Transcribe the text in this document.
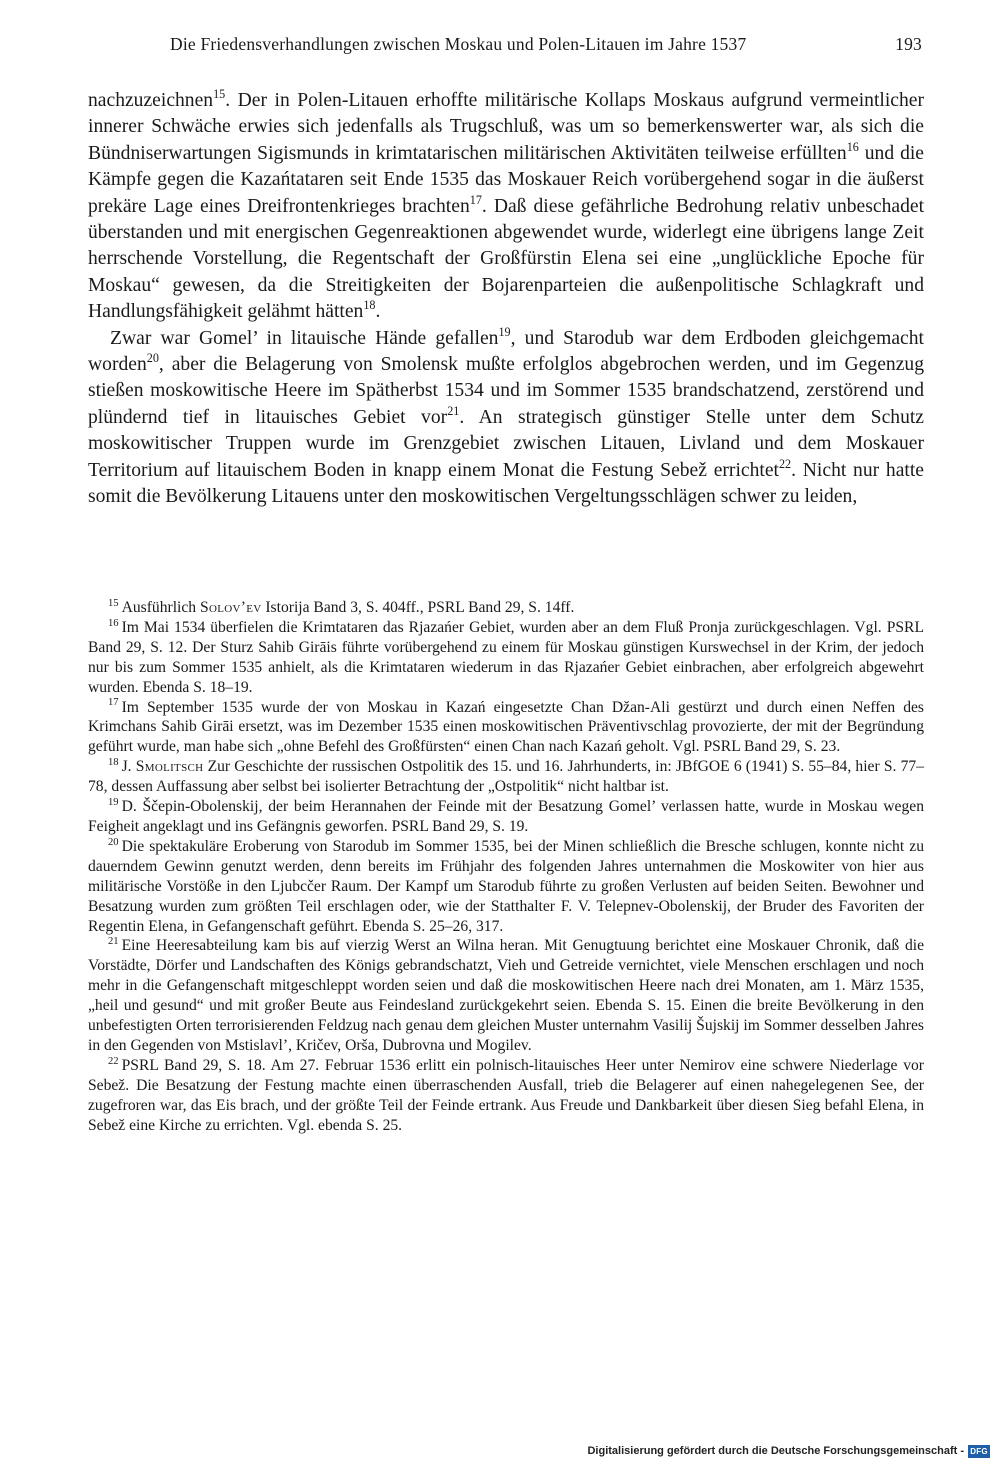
Die Friedensverhandlungen zwischen Moskau und Polen-Litauen im Jahre 1537	193

nachzuzeichnen$^{15}$. Der in Polen-Litauen erhoffte militärische Kollaps Moskaus aufgrund vermeintlicher innerer Schwäche erwies sich jedenfalls als Trugschluß, was um so bemerkenswerter war, als sich die Bündniserwartungen Sigismunds in krimtatarischen militärischen Aktivitäten teilweise erfüllten$^{16}$ und die Kämpfe gegen die Kazańtataren seit Ende 1535 das Moskauer Reich vorübergehend sogar in die äußerst prekäre Lage eines Dreifrontenkrieges brachten$^{17}$. Daß diese gefährliche Bedrohung relativ unbeschadet überstanden und mit energischen Gegenreaktionen abgewendet wurde, widerlegt eine übrigens lange Zeit herrschende Vorstellung, die Regentschaft der Großfürstin Elena sei eine „unglückliche Epoche für Moskau“ gewesen, da die Streitigkeiten der Bojarenparteien die außenpolitische Schlagkraft und Handlungsfähigkeit gelähmt hätten$^{18}$.

Zwar war Gomel’ in litauische Hände gefallen$^{19}$, und Starodub war dem Erdboden gleichgemacht worden$^{20}$, aber die Belagerung von Smolensk mußte erfolglos abgebrochen werden, und im Gegenzug stießen moskowitische Heere im Spätherbst 1534 und im Sommer 1535 brandschatzend, zerstörend und plündernd tief in litauisches Gebiet vor$^{21}$. An strategisch günstiger Stelle unter dem Schutz moskowitischer Truppen wurde im Grenzgebiet zwischen Litauen, Livland und dem Moskauer Territorium auf litauischem Boden in knapp einem Monat die Festung Sebež errichtet$^{22}$. Nicht nur hatte somit die Bevölkerung Litauens unter den moskowitischen Vergeltungsschlägen schwer zu leiden,

$^{15}$ Ausführlich Solov’ev Istorija Band 3, S. 404ff., PSRL Band 29, S. 14ff.

$^{16}$ Im Mai 1534 überfielen die Krimtataren das Rjazańer Gebiet, wurden aber an dem Fluß Pronja zurückgeschlagen. Vgl. PSRL Band 29, S. 12. Der Sturz Sahib Girāis führte vorübergehend zu einem für Moskau günstigen Kurswechsel in der Krim, der jedoch nur bis zum Sommer 1535 anhielt, als die Krimtataren wiederum in das Rjazańer Gebiet einbrachen, aber erfolgreich abgewehrt wurden. Ebenda S. 18–19.

$^{17}$ Im September 1535 wurde der von Moskau in Kazań eingesetzte Chan Džan-Ali gestürzt und durch einen Neffen des Krimchans Sahib Girāi ersetzt, was im Dezember 1535 einen moskowitischen Präventivschlag provozierte, der mit der Begründung geführt wurde, man habe sich „ohne Befehl des Großfürsten“ einen Chan nach Kazań geholt. Vgl. PSRL Band 29, S. 23.

$^{18}$ J. Smolitsch Zur Geschichte der russischen Ostpolitik des 15. und 16. Jahrhunderts, in: JBfGOE 6 (1941) S. 55–84, hier S. 77–78, dessen Auffassung aber selbst bei isolierter Betrachtung der „Ostpolitik“ nicht haltbar ist.

$^{19}$ D. Ščepin-Obolenskij, der beim Herannahen der Feinde mit der Besatzung Gomel’ verlassen hatte, wurde in Moskau wegen Feigheit angeklagt und ins Gefängnis geworfen. PSRL Band 29, S. 19.

$^{20}$ Die spektakuläre Eroberung von Starodub im Sommer 1535, bei der Minen schließlich die Bresche schlugen, konnte nicht zu dauerndem Gewinn genutzt werden, denn bereits im Frühjahr des folgenden Jahres unternahmen die Moskowiter von hier aus militärische Vorstöße in den Ljubcčer Raum. Der Kampf um Starodub führte zu großen Verlusten auf beiden Seiten. Bewohner und Besatzung wurden zum größten Teil erschlagen oder, wie der Statthalter F. V. Telepnev-Obolenskij, der Bruder des Favoriten der Regentin Elena, in Gefangenschaft geführt. Ebenda S. 25–26, 317.

$^{21}$ Eine Heeresabteilung kam bis auf vierzig Werst an Wilna heran. Mit Genugtuung berichtet eine Moskauer Chronik, daß die Vorstädte, Dörfer und Landschaften des Königs gebrandschatzt, Vieh und Getreide vernichtet, viele Menschen erschlagen und noch mehr in die Gefangenschaft mitgeschleppt worden seien und daß die moskowitischen Heere nach drei Monaten, am 1. März 1535, „heil und gesund“ und mit großer Beute aus Feindesland zurückgekehrt seien. Ebenda S. 15. Einen die breite Bevölkerung in den unbefestigten Orten terrorisierenden Feldzug nach genau dem gleichen Muster unternahm Vasilij Šujskij im Sommer desselben Jahres in den Gegenden von Mstislavl’, Kričev, Orša, Dubrovna und Mogilev.

$^{22}$ PSRL Band 29, S. 18. Am 27. Februar 1536 erlitt ein polnisch-litauisches Heer unter Nemirov eine schwere Niederlage vor Sebež. Die Besatzung der Festung machte einen überraschenden Ausfall, trieb die Belagerer auf einen nahegelegenen See, der zugefroren war, das Eis brach, und der größte Teil der Feinde ertrank. Aus Freude und Dankbarkeit über diesen Sieg befahl Elena, in Sebež eine Kirche zu errichten. Vgl. ebenda S. 25.

Digitalisierung gefördert durch die Deutsche Forschungsgemeinschaft - DFG
